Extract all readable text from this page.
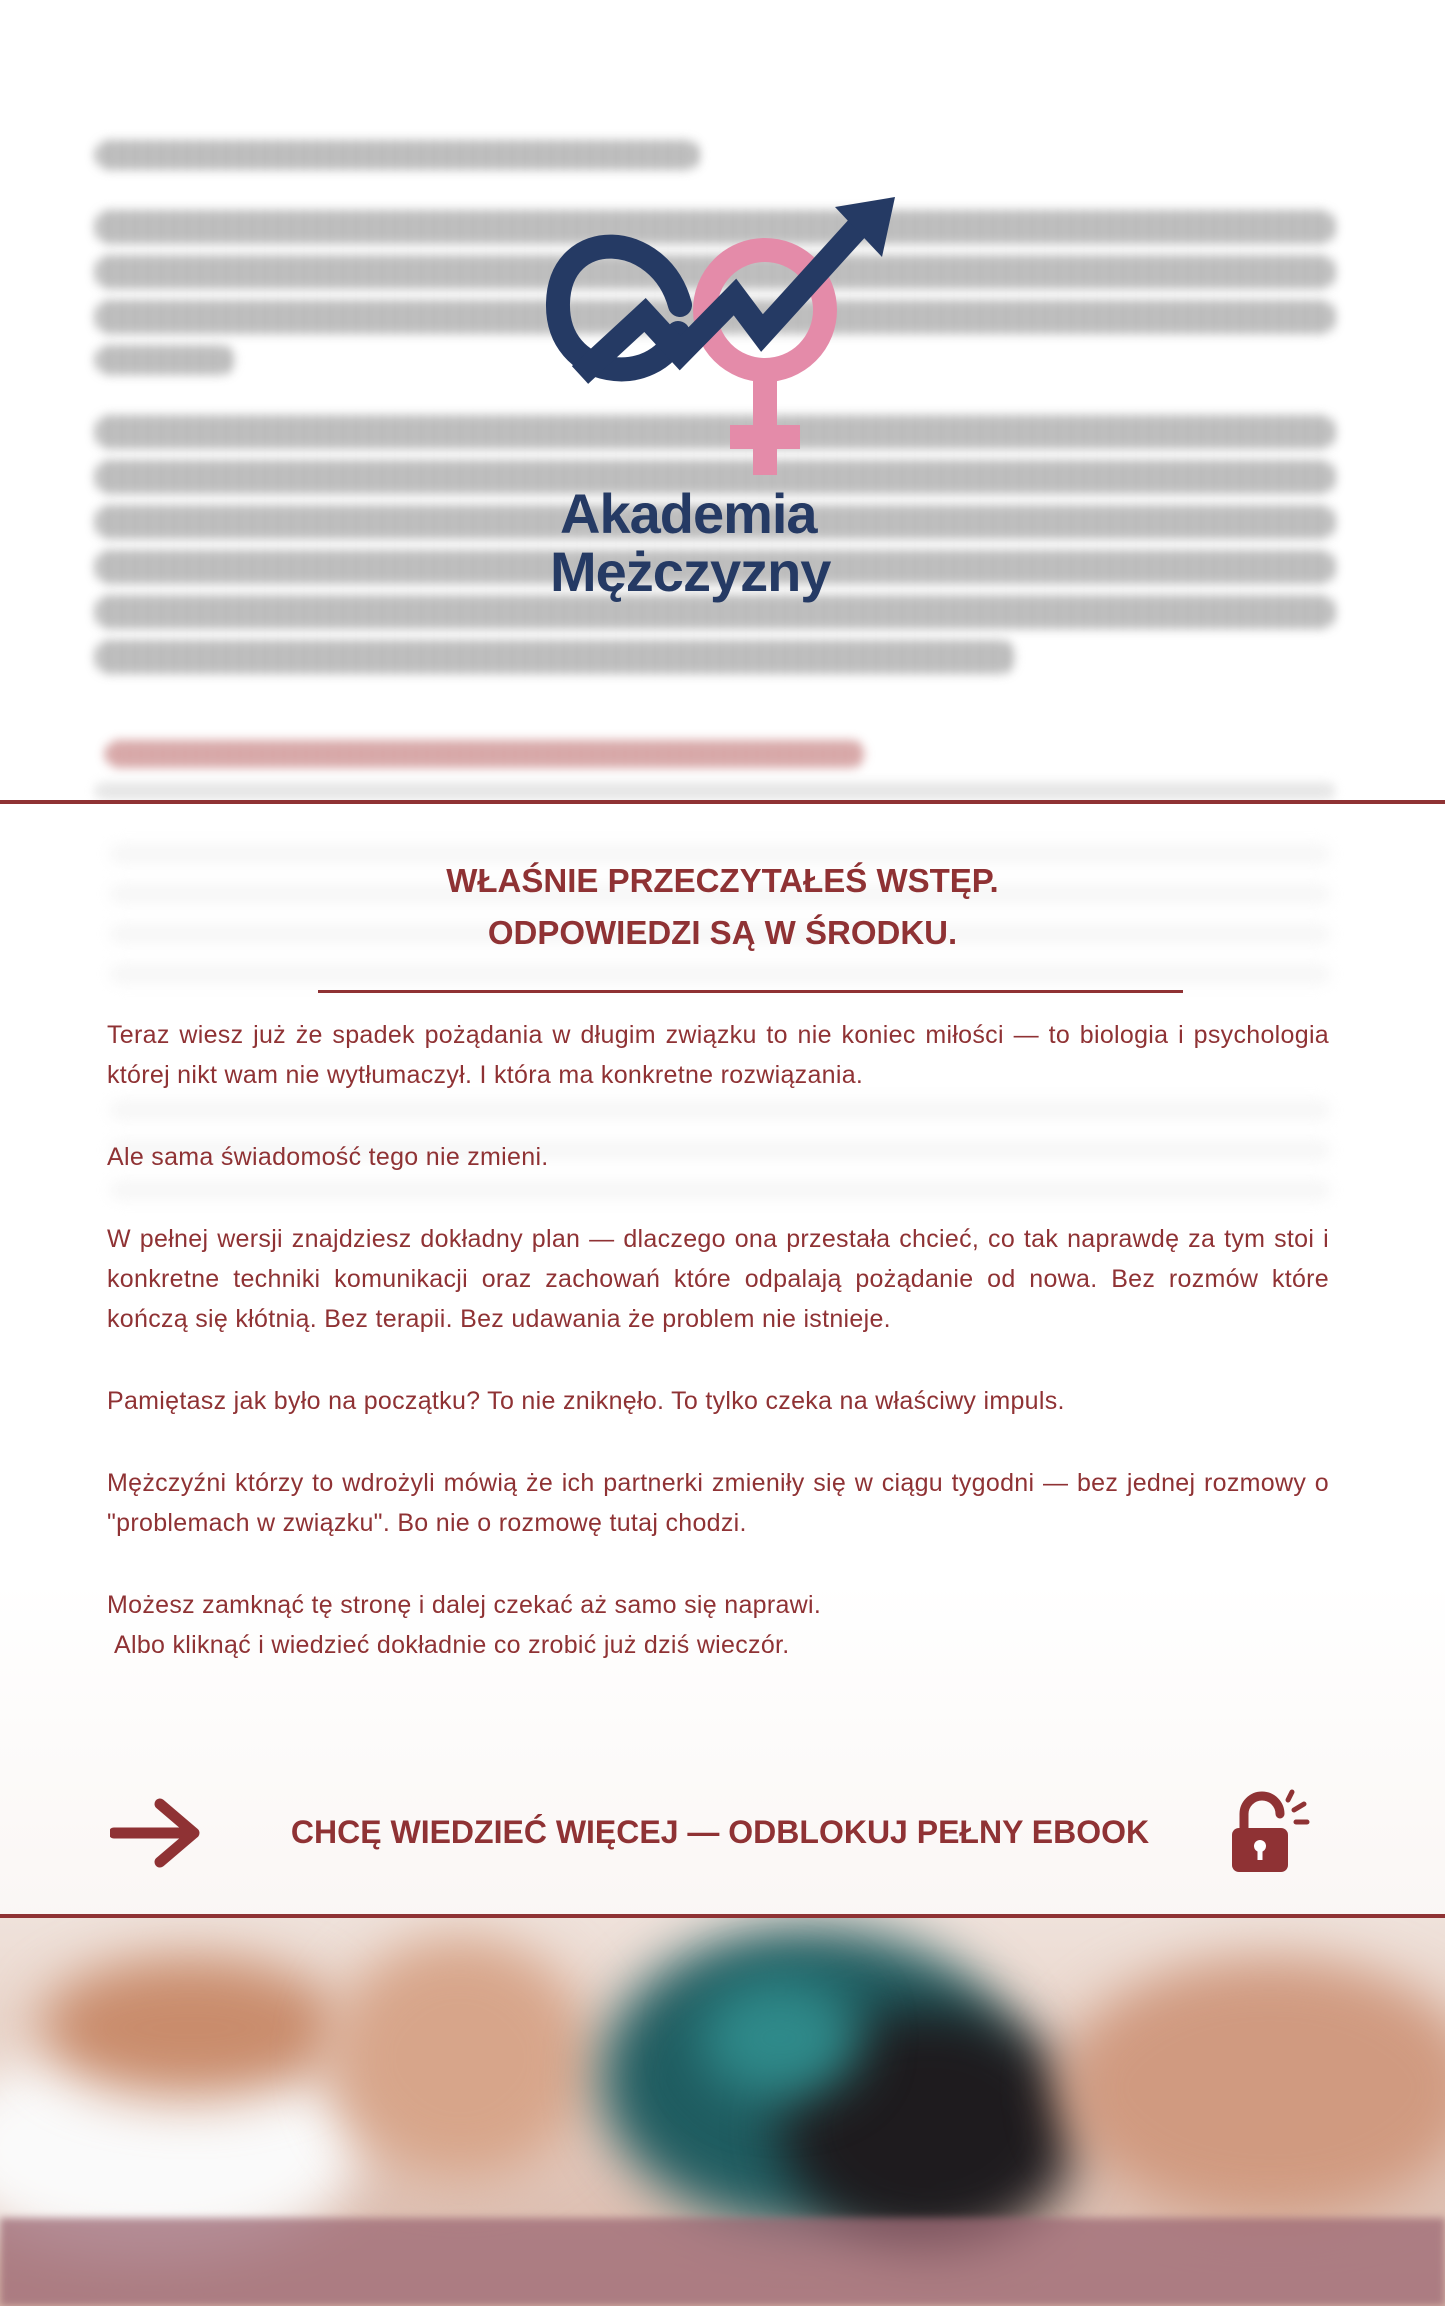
Akademia
Mężczyzny
WŁAŚNIE PRZECZYTAŁEŚ WSTĘP.
ODPOWIEDZI SĄ W ŚRODKU.

Teraz wiesz już że spadek pożądania w długim związku to nie koniec miłości — to biologia i psychologia której nikt wam nie wytłumaczył. I która ma konkretne rozwiązania.

Ale sama świadomość tego nie zmieni.

W pełnej wersji znajdziesz dokładny plan — dlaczego ona przestała chcieć, co tak naprawdę za tym stoi i konkretne techniki komunikacji oraz zachowań które odpalają pożądanie od nowa. Bez rozmów które kończą się kłótnią. Bez terapii. Bez udawania że problem nie istnieje.

Pamiętasz jak było na początku? To nie zniknęło. To tylko czeka na właściwy impuls.

Mężczyźni którzy to wdrożyli mówią że ich partnerki zmieniły się w ciągu tygodni — bez jednej rozmowy o "problemach w związku". Bo nie o rozmowę tutaj chodzi.

Możesz zamknąć tę stronę i dalej czekać aż samo się naprawi.
Albo kliknąć i wiedzieć dokładnie co zrobić już dziś wieczór.

CHCĘ WIEDZIEĆ WIĘCEJ — ODBLOKUJ PEŁNY EBOOK
